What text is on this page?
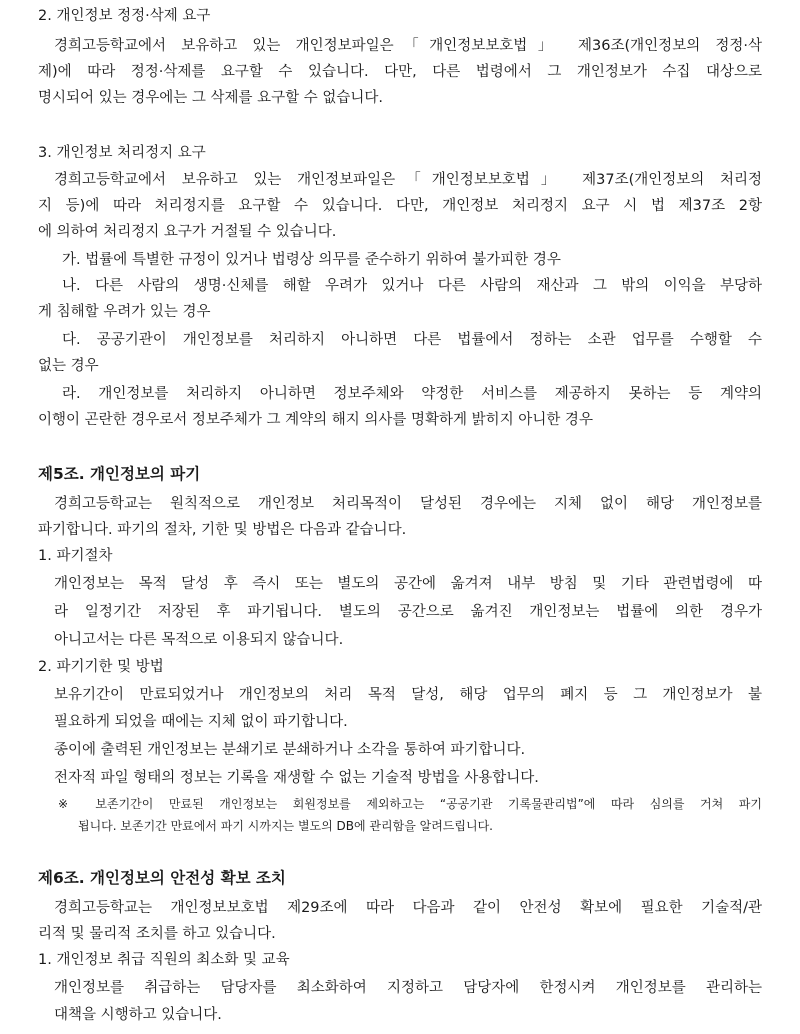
2. 개인정보 정정·삭제 요구

경희고등학교에서 보유하고 있는 개인정보파일은「개인정보보호법」 제36조(개인정보의 정정·삭

제)에 따라 정정·삭제를 요구할 수 있습니다. 다만, 다른 법령에서 그 개인정보가 수집 대상으로

명시되어 있는 경우에는 그 삭제를 요구할 수 없습니다.

3. 개인정보 처리정지 요구

경희고등학교에서 보유하고 있는 개인정보파일은「개인정보보호법」 제37조(개인정보의 처리정

지 등)에 따라 처리정지를 요구할 수 있습니다. 다만, 개인정보 처리정지 요구 시 법 제37조 2항

에 의하여 처리정지 요구가 거절될 수 있습니다.

가. 법률에 특별한 규정이 있거나 법령상 의무를 준수하기 위하여 불가피한 경우

나. 다른 사람의 생명·신체를 해할 우려가 있거나 다른 사람의 재산과 그 밖의 이익을 부당하

게 침해할 우려가 있는 경우

다. 공공기관이 개인정보를 처리하지 아니하면 다른 법률에서 정하는 소관 업무를 수행할 수

없는 경우

라. 개인정보를 처리하지 아니하면 정보주체와 약정한 서비스를 제공하지 못하는 등 계약의

이행이 곤란한 경우로서 정보주체가 그 계약의 해지 의사를 명확하게 밝히지 아니한 경우

제5조. 개인정보의 파기

경희고등학교는 원칙적으로 개인정보 처리목적이 달성된 경우에는 지체 없이 해당 개인정보를

파기합니다. 파기의 절차, 기한 및 방법은 다음과 같습니다.

1. 파기절차

개인정보는 목적 달성 후 즉시 또는 별도의 공간에 옮겨져 내부 방침 및 기타 관련법령에 따

라 일정기간 저장된 후 파기됩니다. 별도의 공간으로 옮겨진 개인정보는 법률에 의한 경우가

아니고서는 다른 목적으로 이용되지 않습니다.

2. 파기기한 및 방법

보유기간이 만료되었거나 개인정보의 처리 목적 달성, 해당 업무의 폐지 등 그 개인정보가 불

필요하게 되었을 때에는 지체 없이 파기합니다.

종이에 출력된 개인정보는 분쇄기로 분쇄하거나 소각을 통하여 파기합니다.

전자적 파일 형태의 정보는 기록을 재생할 수 없는 기술적 방법을 사용합니다.

※ 보존기간이 만료된 개인정보는 회원정보를 제외하고는 “공공기관 기록물관리법”에 따라 심의를 거쳐 파기

됩니다. 보존기간 만료에서 파기 시까지는 별도의 DB에 관리함을 알려드립니다.

제6조. 개인정보의 안전성 확보 조치

경희고등학교는 개인정보보호법 제29조에 따라 다음과 같이 안전성 확보에 필요한 기술적/관

리적 및 물리적 조치를 하고 있습니다.

1. 개인정보 취급 직원의 최소화 및 교육

개인정보를 취급하는 담당자를 최소화하여 지정하고 담당자에 한정시켜 개인정보를 관리하는

대책을 시행하고 있습니다.
